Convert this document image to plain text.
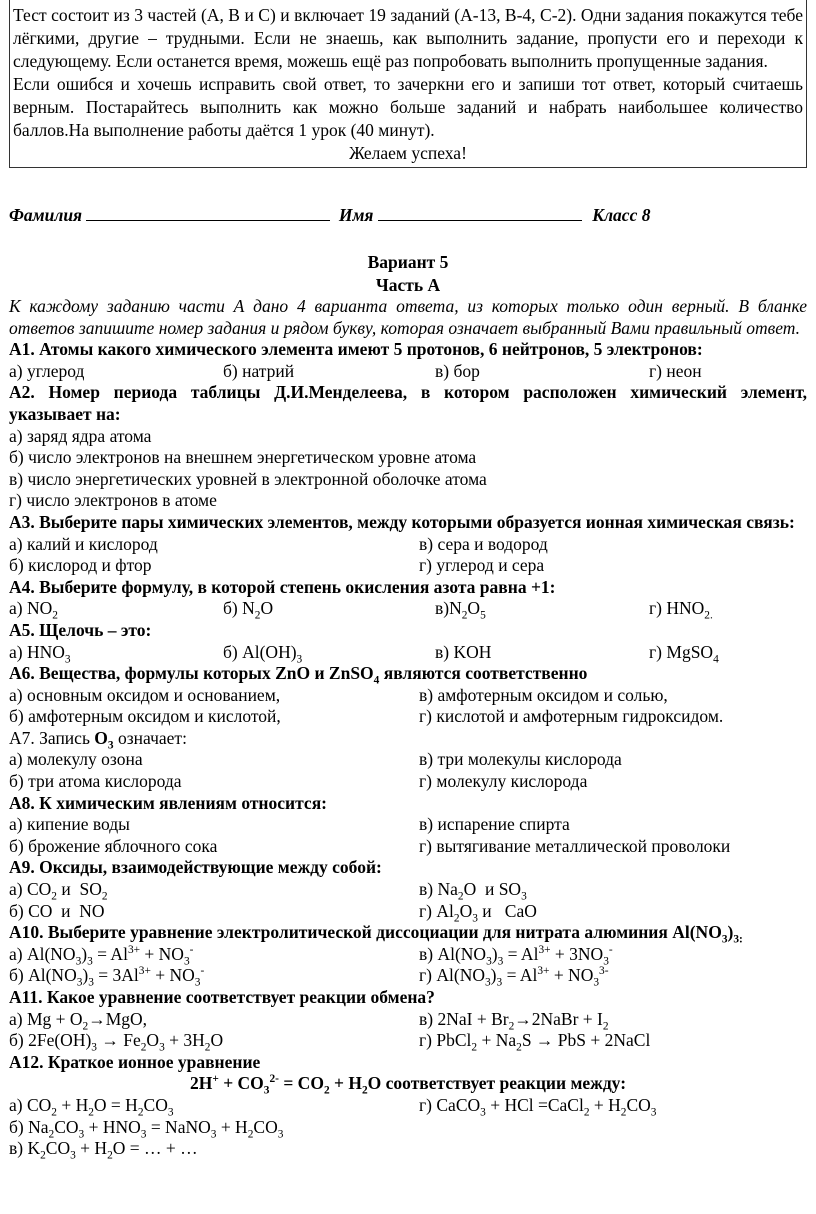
Тест состоит из 3 частей (А, В и С) и включает 19 заданий (А-13, В-4, С-2). Одни задания покажутся тебе лёгкими, другие – трудными. Если не знаешь, как выполнить задание, пропусти его и переходи к следующему. Если останется время, можешь ещё раз попробовать выполнить пропущенные задания.

Если ошибся и хочешь исправить свой ответ, то зачеркни его и запиши тот ответ, который считаешь верным. Постарайтесь выполнить как можно больше заданий и набрать наибольшее количество баллов.На выполнение работы даётся 1 урок (40 минут).

Желаем успеха!

Фамилия	Имя	Класс 8
Вариант 5
Часть А
К каждому заданию части А дано 4 варианта ответа, из которых только один верный. В бланке ответов запишите номер задания и рядом букву, которая означает выбранный Вами правильный ответ.
А1. Атомы какого химического элемента имеют 5 протонов, 6 нейтронов, 5 электронов:
а) углерод	б) натрий	в) бор	г) неон
А2. Номер периода таблицы Д.И.Менделеева, в котором расположен химический элемент, указывает на:
а) заряд ядра атома
б) число электронов на внешнем энергетическом уровне атома
в) число энергетических уровней в электронной оболочке атома
г) число электронов в атоме
А3. Выберите пары химических элементов, между которыми образуется ионная химическая связь:
а) калий и кислород	в) сера и водород
б) кислород и фтор	г) углерод и сера
А4. Выберите формулу, в которой степень окисления азота равна +1:
а) $NO_2$	б) $N_2O$	$в)N_2O_5$	г) $HNO_{2.}$
А5. Щелочь – это:
а) $HNO_3$	б) $Al(OH)_3$	в) KOH	г) MgSO$_4$
А6. Вещества, формулы которых ZnO и ZnSO$_4$ являются соответственно
а) основным оксидом и основанием,	в) амфотерным оксидом и солью,
б) амфотерным оксидом и кислотой,	г) кислотой и амфотерным гидроксидом.
А7. Запись $O_3$ означает:
а) молекулу озона	в) три молекулы кислорода
б) три атома кислорода	г) молекулу кислорода
А8. К химическим явлениям относится:
а) кипение воды	в) испарение спирта
б) брожение яблочного сока	г) вытягивание металлической проволоки
А9. Оксиды, взаимодействующие между собой:
а) $CO_2$ и  $SO_2$	в) $Na_2O$  и $SO_3$
б) CO  и  NO	г) $Al_2O_3$ и   CaO
А10. Выберите уравнение электролитической диссоциации для нитрата алюминия $Al(NO_3)_{3:}$
а) $Al(NO_3)_3 = Al^{3+} + NO_3^-$	в) $Al(NO_3)_3 = Al^{3+} + 3NO_3^-$
б) $Al(NO_3)_3 = 3Al^{3+} + NO_3^-$	г) $Al(NO_3)_3 = Al^{3+} + NO_3^{3-}$
А11. Какое уравнение соответствует реакции обмена?
а) $Mg + O_2\to MgO$,	в) $2NaI + Br_2\to 2NaBr + I_2$
б) $2Fe(OH)_3 \to Fe_2O_3 + 3H_2O$	г) PbCl$_2$ + $Na_2S$ → PbS + 2NaCl
А12. Краткое ионное уравнение
$2H^+ + CO_3^{2-} = CO_2 + H_2O$ соответствует реакции между:
а) $CO_2 + H_2O = H_2CO_3$	г) CaCO$_3$ + HCl =CaCl$_2$ + $H_2CO_3$
б) $Na_2CO_3 + HNO_3$ = NaNO$_3$ + $H_2CO_3$
в) $K_2CO_3 + H_2O$ = … + …
